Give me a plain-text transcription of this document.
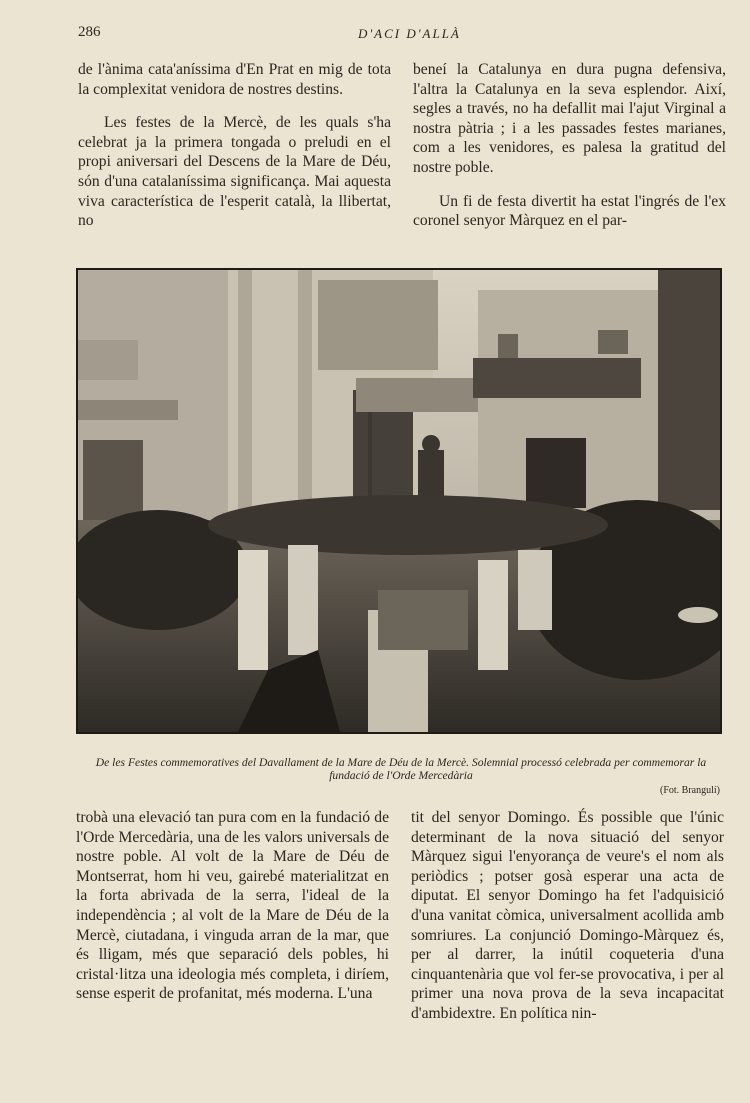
286	D'ACI D'ALLÀ

de l'ànima cata'aníssima d'En Prat en mig de tota la complexitat venidora de nostres destins.

Les festes de la Mercè, de les quals s'ha celebrat ja la primera tongada o preludi en el propi aniversari del Descens de la Mare de Déu, són d'una catalaníssima significança. Mai aquesta viva característica de l'esperit català, la llibertat, no

beneí la Catalunya en dura pugna defensiva, l'altra la Catalunya en la seva esplendor. Així, segles a través, no ha defallit mai l'ajut Virginal a nostra pàtria ; i a les passades festes marianes, com a les venidores, es palesa la gratitud del nostre poble.

Un fi de festa divertit ha estat l'ingrés de l'ex coronel senyor Màrquez en el par-

De les Festes commemoratives del Davallament de la Mare de Déu de la Mercè. Solemnial processó celebrada per commemorar la fundació de l'Orde Mercedària
(Fot. Brangulí)

trobà una elevació tan pura com en la fundació de l'Orde Mercedària, una de les valors universals de nostre poble. Al volt de la Mare de Déu de Montserrat, hom hi veu, gairebé materialitzat en la forta abrivada de la serra, l'ideal de la independència ; al volt de la Mare de Déu de la Mercè, ciutadana, i vinguda arran de la mar, que és lligam, més que separació dels pobles, hi cristal·litza una ideologia més completa, i diríem, sense esperit de profanitat, més moderna. L'una

tit del senyor Domingo. És possible que l'únic determinant de la nova situació del senyor Màrquez sigui l'enyorança de veure's el nom als periòdics ; potser gosà esperar una acta de diputat. El senyor Domingo ha fet l'adquisició d'una vanitat còmica, universalment acollida amb somriures. La conjunció Domingo-Màrquez és, per al darrer, la inútil coqueteria d'una cinquantenària que vol fer-se provocativa, i per al primer una nova prova de la seva incapacitat d'ambidextre. En política nin-
